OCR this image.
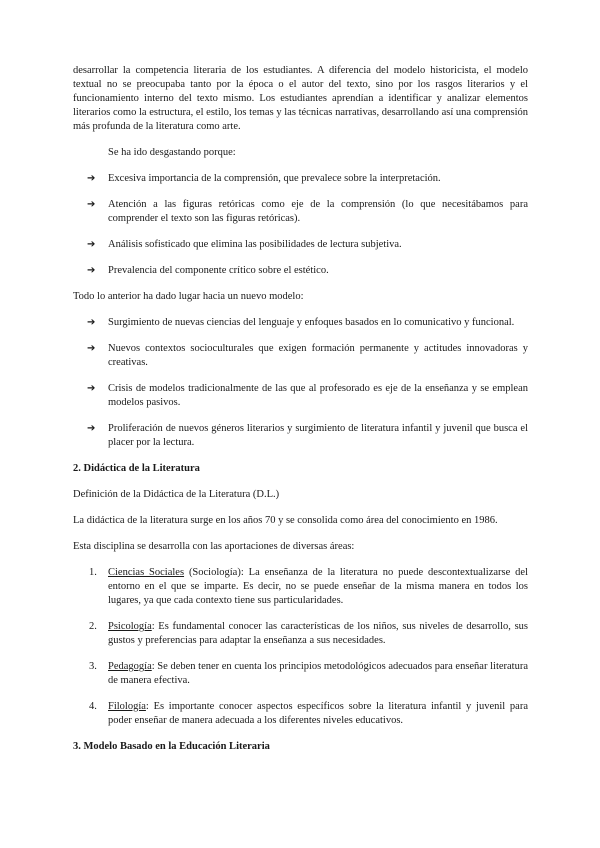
desarrollar la competencia literaria de los estudiantes. A diferencia del modelo historicista, el modelo textual no se preocupaba tanto por la época o el autor del texto, sino por los rasgos literarios y el funcionamiento interno del texto mismo. Los estudiantes aprendían a identificar y analizar elementos literarios como la estructura, el estilo, los temas y las técnicas narrativas, desarrollando así una comprensión más profunda de la literatura como arte.

Se ha ido desgastando porque:

➔ Excesiva importancia de la comprensión, que prevalece sobre la interpretación.
➔ Atención a las figuras retóricas como eje de la comprensión (lo que necesitábamos para comprender el texto son las figuras retóricas).
➔ Análisis sofisticado que elimina las posibilidades de lectura subjetiva.
➔ Prevalencia del componente crítico sobre el estético.

Todo lo anterior ha dado lugar hacia un nuevo modelo:

➔ Surgimiento de nuevas ciencias del lenguaje y enfoques basados en lo comunicativo y funcional.
➔ Nuevos contextos socioculturales que exigen formación permanente y actitudes innovadoras y creativas.
➔ Crisis de modelos tradicionalmente de las que al profesorado es eje de la enseñanza y se emplean modelos pasivos.
➔ Proliferación de nuevos géneros literarios y surgimiento de literatura infantil y juvenil que busca el placer por la lectura.

2. Didáctica de la Literatura

Definición de la Didáctica de la Literatura (D.L.)

La didáctica de la literatura surge en los años 70 y se consolida como área del conocimiento en 1986.

Esta disciplina se desarrolla con las aportaciones de diversas áreas:

1. Ciencias Sociales (Sociología): La enseñanza de la literatura no puede descontextualizarse del entorno en el que se imparte. Es decir, no se puede enseñar de la misma manera en todos los lugares, ya que cada contexto tiene sus particularidades.
2. Psicología: Es fundamental conocer las características de los niños, sus niveles de desarrollo, sus gustos y preferencias para adaptar la enseñanza a sus necesidades.
3. Pedagogía: Se deben tener en cuenta los principios metodológicos adecuados para enseñar literatura de manera efectiva.
4. Filología: Es importante conocer aspectos específicos sobre la literatura infantil y juvenil para poder enseñar de manera adecuada a los diferentes niveles educativos.

3. Modelo Basado en la Educación Literaria
